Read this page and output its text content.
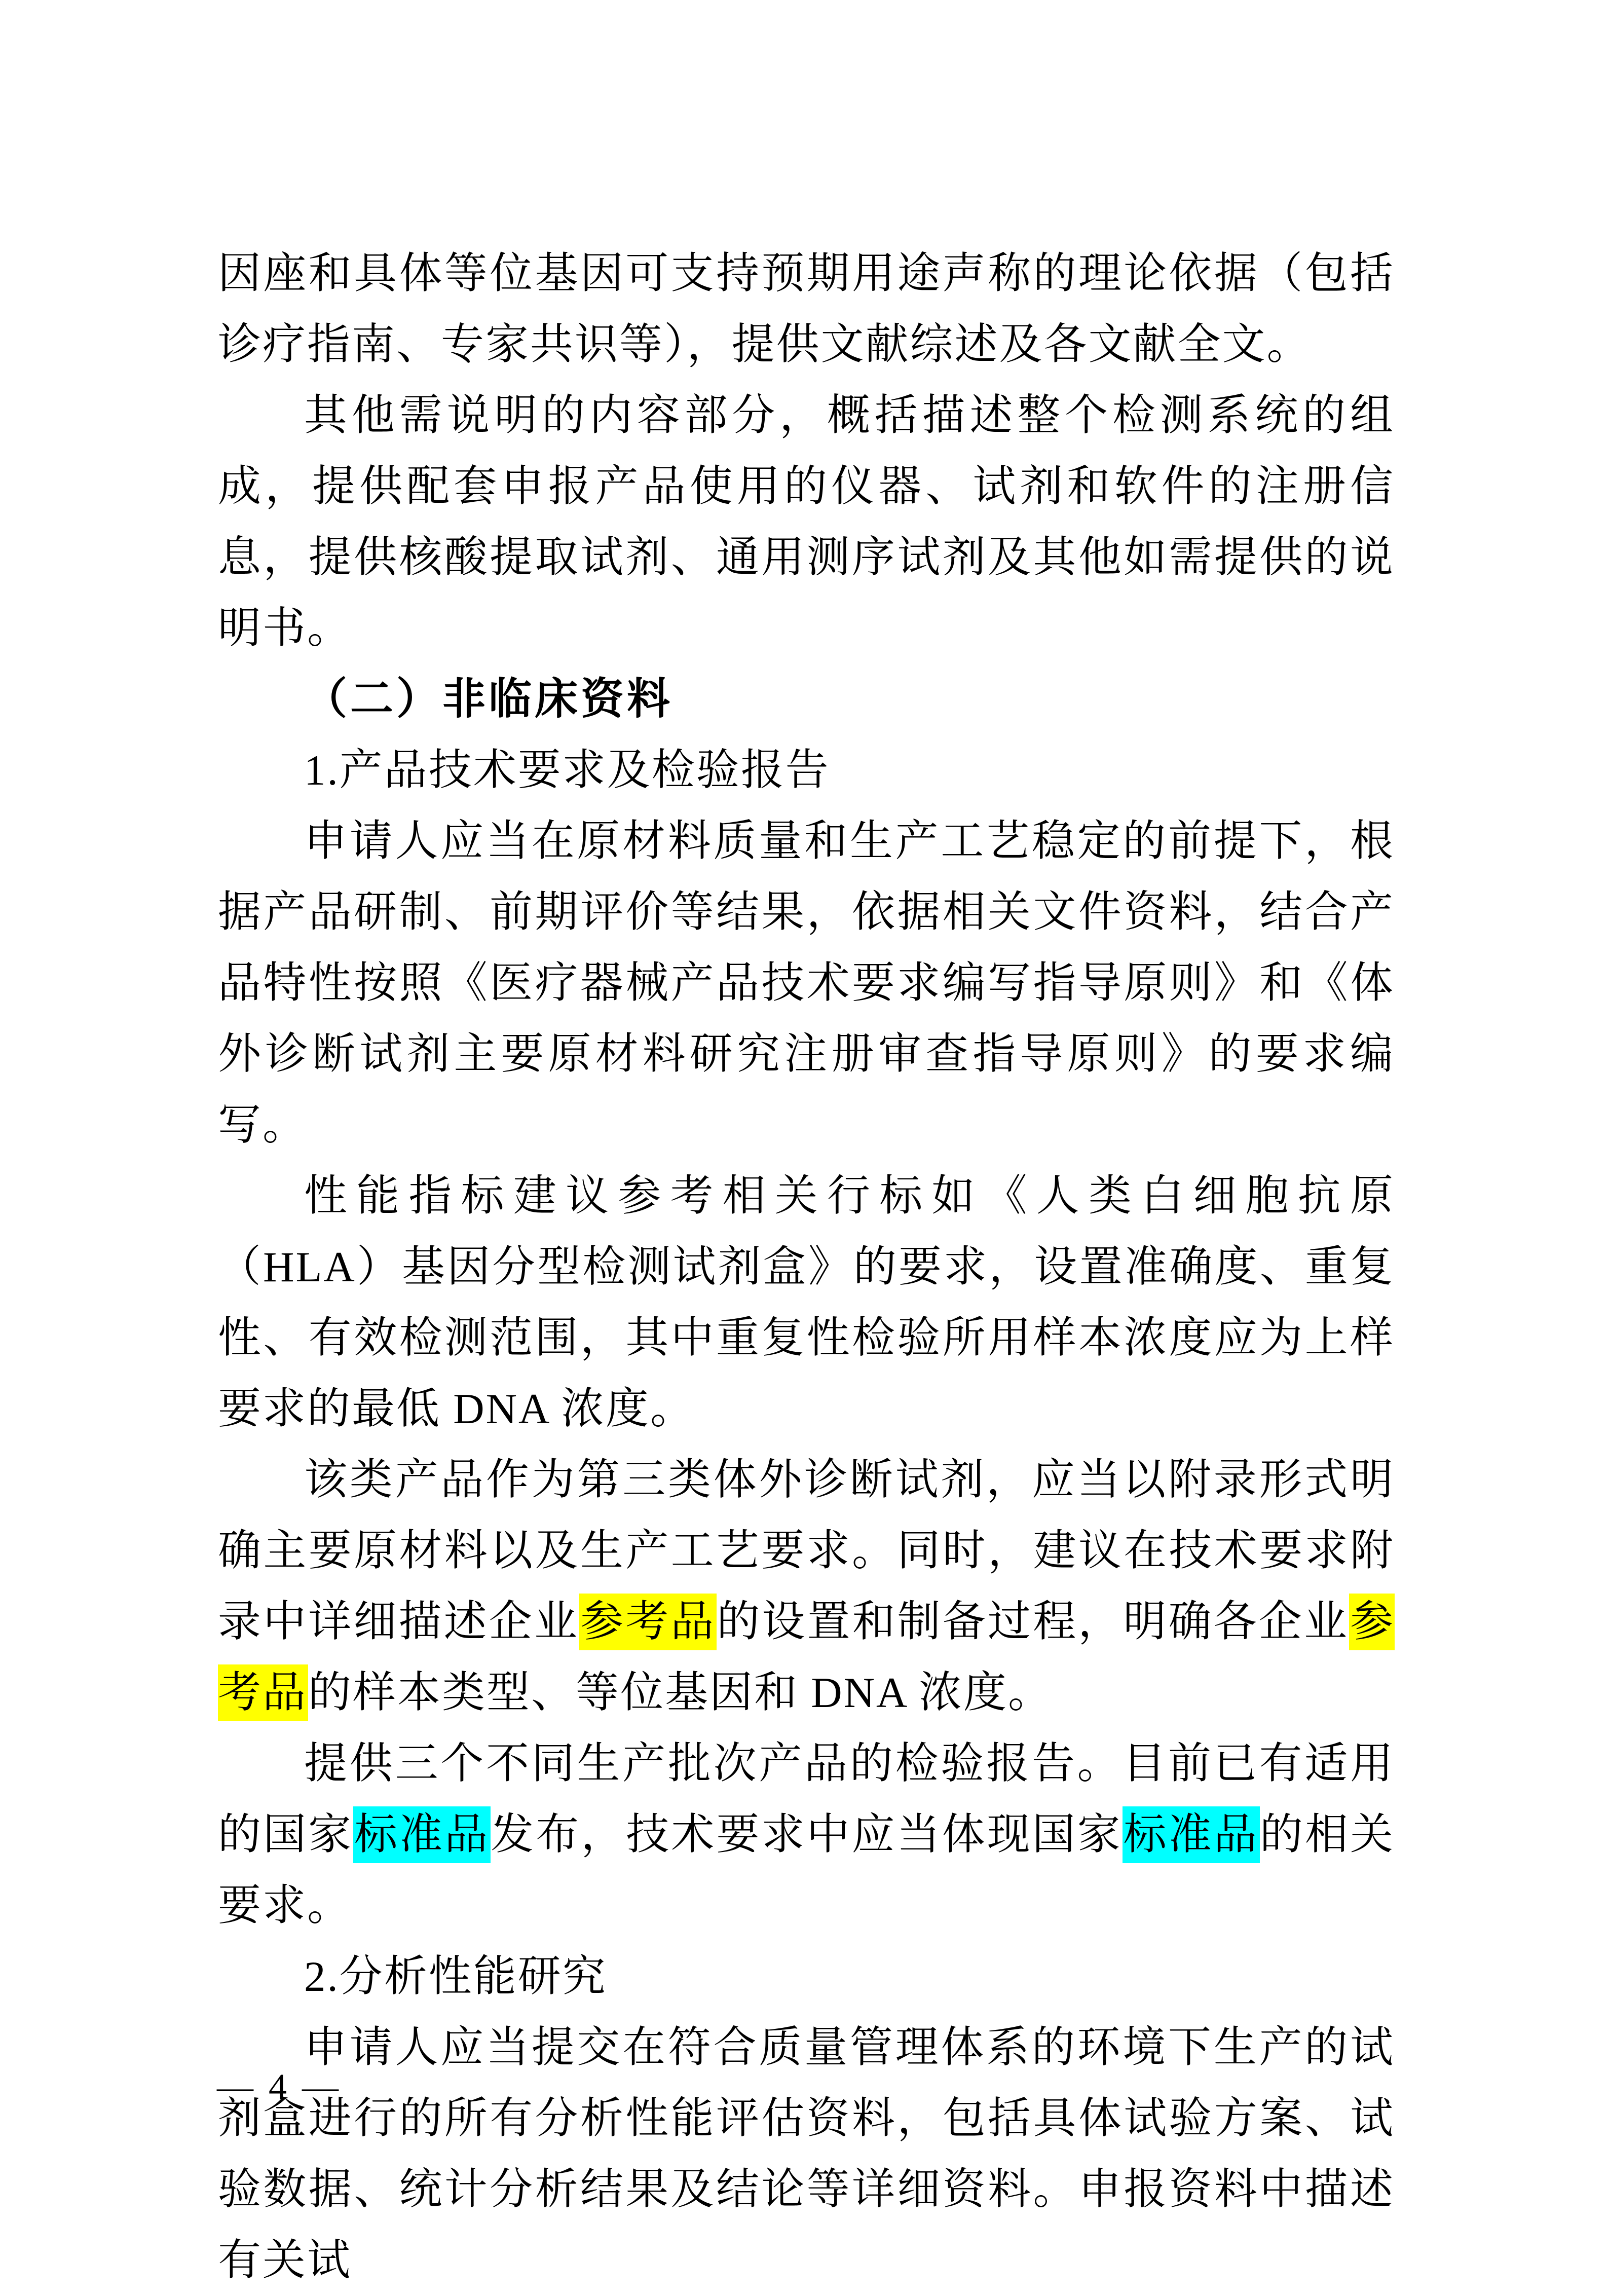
因座和具体等位基因可支持预期用途声称的理论依据（包括诊疗指南、专家共识等），提供文献综述及各文献全文。

其他需说明的内容部分，概括描述整个检测系统的组成，提供配套申报产品使用的仪器、试剂和软件的注册信息，提供核酸提取试剂、通用测序试剂及其他如需提供的说明书。

（二）非临床资料

1.产品技术要求及检验报告

申请人应当在原材料质量和生产工艺稳定的前提下，根据产品研制、前期评价等结果，依据相关文件资料，结合产品特性按照《医疗器械产品技术要求编写指导原则》和《体外诊断试剂主要原材料研究注册审查指导原则》的要求编写。

性能指标建议参考相关行标如《人类白细胞抗原（HLA）基因分型检测试剂盒》的要求，设置准确度、重复性、有效检测范围，其中重复性检验所用样本浓度应为上样要求的最低 DNA 浓度。

该类产品作为第三类体外诊断试剂，应当以附录形式明确主要原材料以及生产工艺要求。同时，建议在技术要求附录中详细描述企业参考品的设置和制备过程，明确各企业参考品的样本类型、等位基因和 DNA 浓度。

提供三个不同生产批次产品的检验报告。目前已有适用的国家标准品发布，技术要求中应当体现国家标准品的相关要求。

2.分析性能研究

申请人应当提交在符合质量管理体系的环境下生产的试剂盒进行的所有分析性能评估资料，包括具体试验方案、试验数据、统计分析结果及结论等详细资料。申报资料中描述有关试

— 4 —
